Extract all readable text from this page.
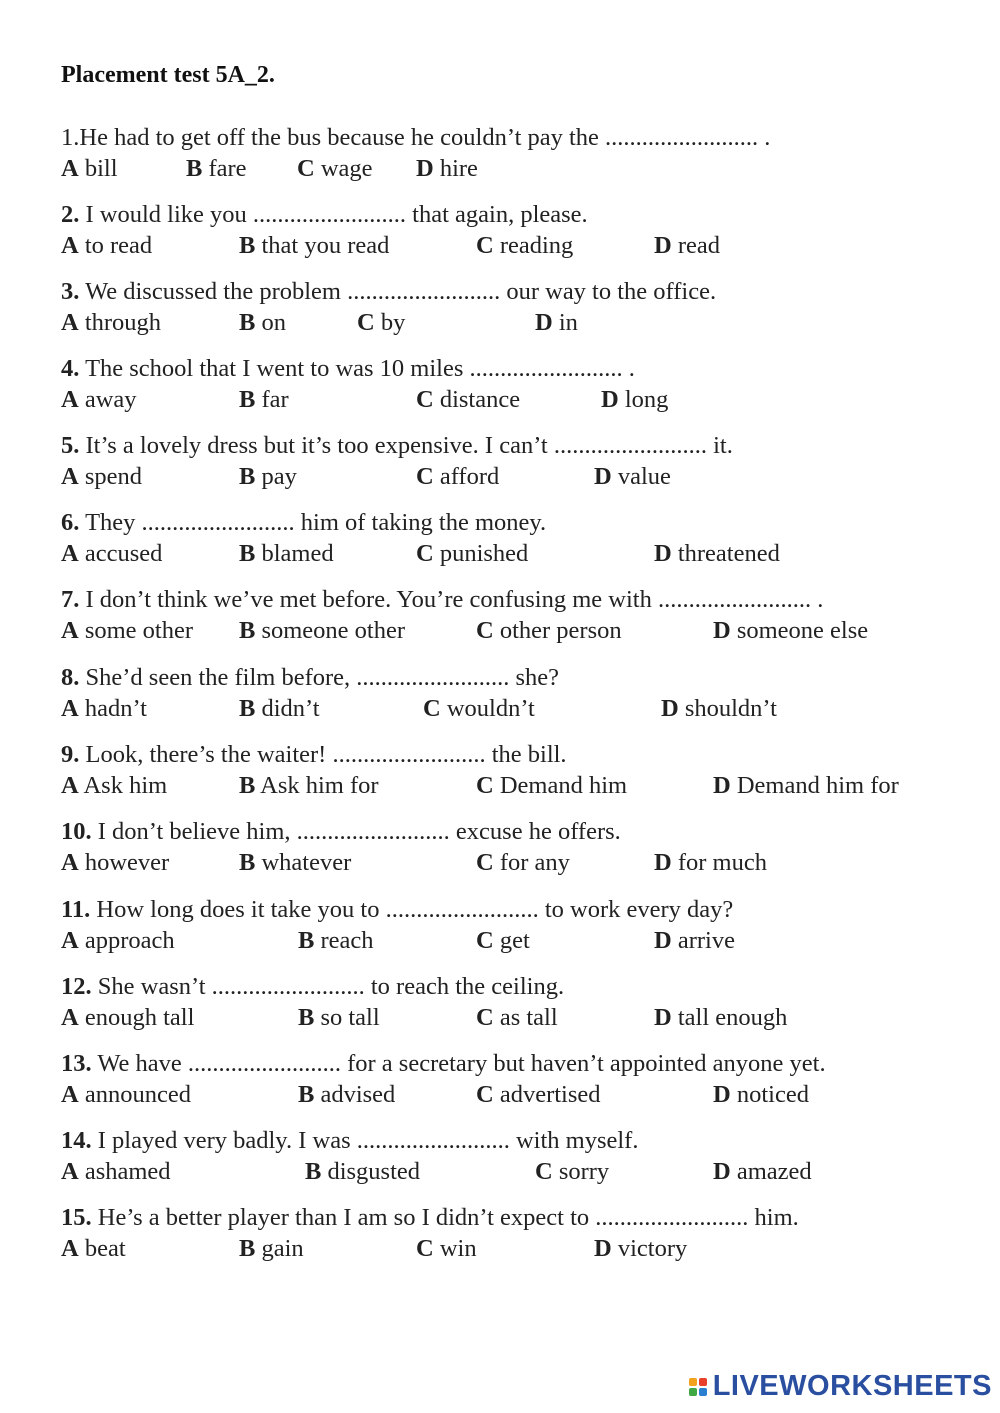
Placement test 5A_2.
1.He had to get off the bus because he couldn’t pay the ......................... .
A bill	B fare C wage D hire
2. I would like you ......................... that again, please.
A to read	B that you read	C reading	D read
3. We discussed the problem ......................... our way to the office.
A through	B on	C by	D in
4. The school that I went to was 10 miles ......................... .
A away	B far	C distance	D long
5. It’s a lovely dress but it’s too expensive. I can’t ......................... it.
A spend	B pay	C afford	D value
6. They ......................... him of taking the money.
A accused	B blamed	C punished	D threatened
7. I don’t think we’ve met before. You’re confusing me with ......................... .
A some other B someone other	C other person	D someone else
8. She’d seen the film before, ......................... she?
A hadn’t	B didn’t	C wouldn’t	D shouldn’t
9. Look, there’s the waiter! ......................... the bill.
A Ask him	B Ask him for	C Demand him	D Demand him for
10. I don’t believe him, ......................... excuse he offers.
A however	B whatever	C for any	D for much
11. How long does it take you to ......................... to work every day?
A approach	B reach	C get	D arrive
12. She wasn’t ......................... to reach the ceiling.
A enough tall	B so tall	C as tall	D tall enough
13. We have ......................... for a secretary but haven’t appointed anyone yet.
A announced	B advised	C advertised	D noticed
14. I played very badly. I was ......................... with myself.
A ashamed	B disgusted	C sorry	D amazed
15. He’s a better player than I am so I didn’t expect to ......................... him.
A beat	B gain	C win	D victory
LIVEWORKSHEETS
